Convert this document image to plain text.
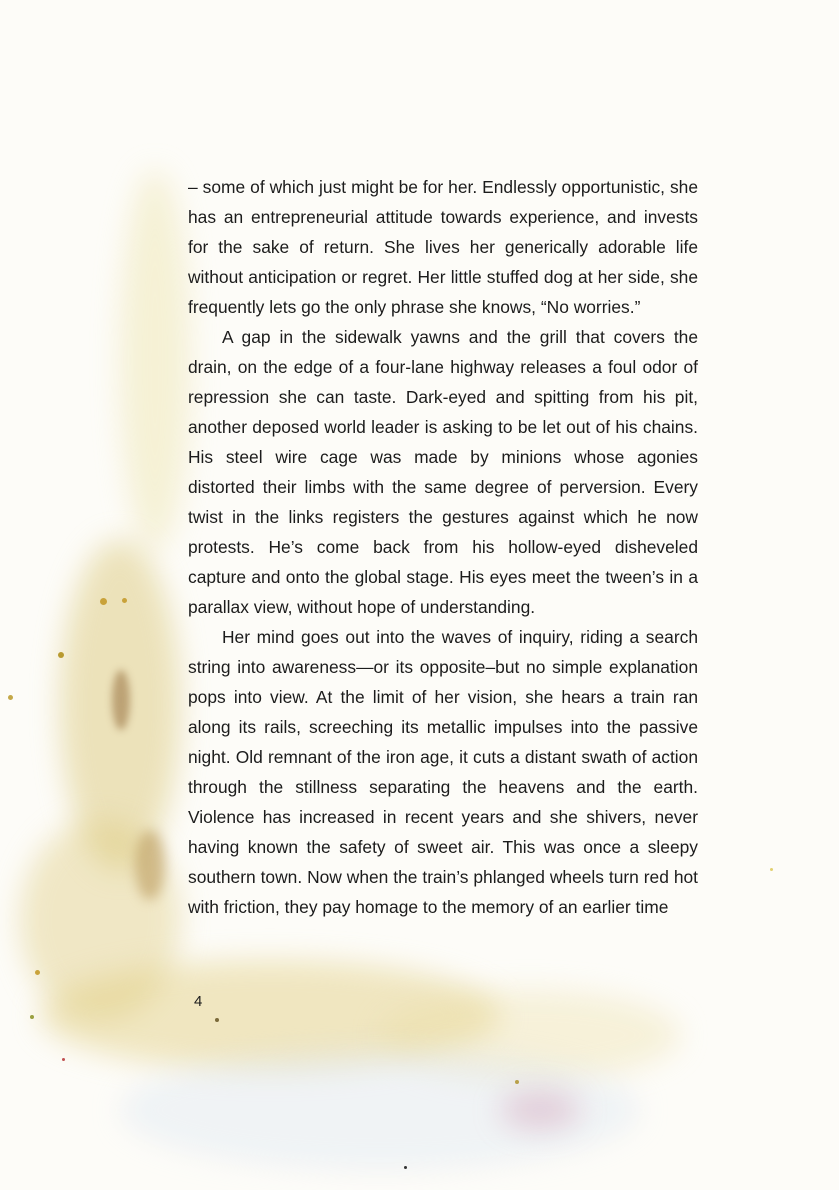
– some of which just might be for her. Endlessly opportunistic, she has an entrepreneurial attitude towards experience, and invests for the sake of return. She lives her generically adorable life without anticipation or regret. Her little stuffed dog at her side, she frequently lets go the only phrase she knows, “No worries.”

A gap in the sidewalk yawns and the grill that covers the drain, on the edge of a four-lane highway releases a foul odor of repression she can taste. Dark-eyed and spitting from his pit, another deposed world leader is asking to be let out of his chains. His steel wire cage was made by minions whose agonies distorted their limbs with the same degree of perversion. Every twist in the links registers the gestures against which he now protests. He’s come back from his hollow-eyed disheveled capture and onto the global stage. His eyes meet the tween’s in a parallax view, without hope of understanding.

Her mind goes out into the waves of inquiry, riding a search string into awareness—or its opposite–but no simple explanation pops into view. At the limit of her vision, she hears a train ran along its rails, screeching its metallic impulses into the passive night. Old remnant of the iron age, it cuts a distant swath of action through the stillness separating the heavens and the earth. Violence has increased in recent years and she shivers, never having known the safety of sweet air. This was once a sleepy southern town. Now when the train’s phlanged wheels turn red hot with friction, they pay homage to the memory of an earlier time

4
